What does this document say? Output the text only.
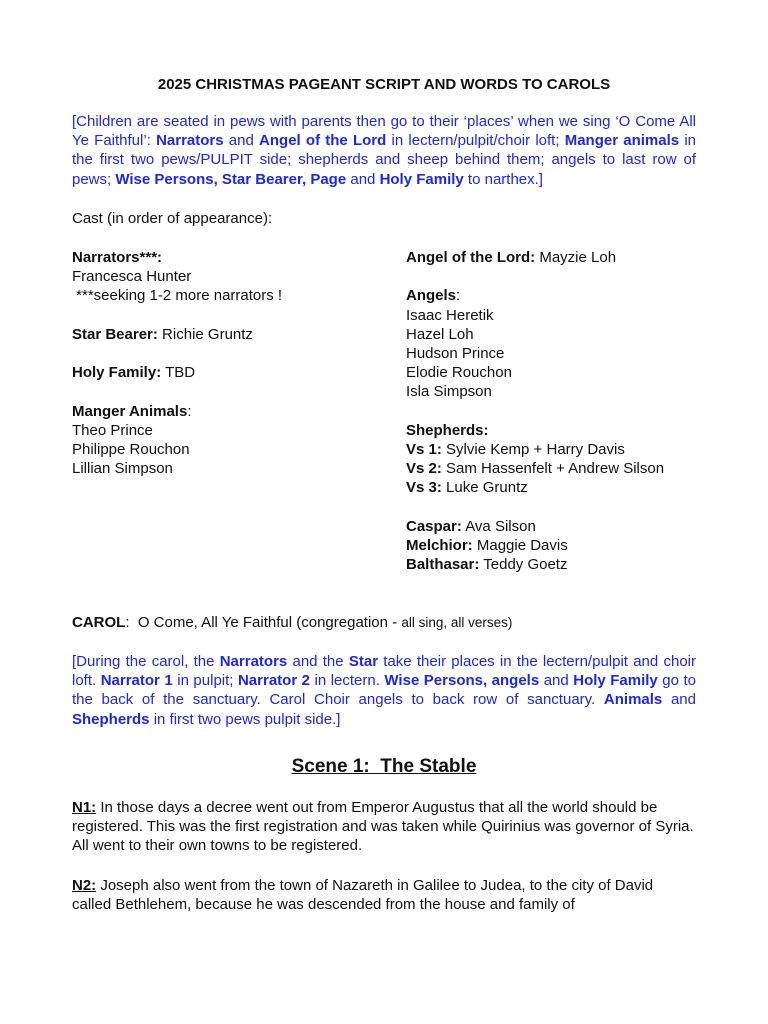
2025 CHRISTMAS PAGEANT SCRIPT AND WORDS TO CAROLS

[Children are seated in pews with parents then go to their ‘places’ when we sing ‘O Come All Ye Faithful’: Narrators and Angel of the Lord in lectern/pulpit/choir loft; Manger animals in the first two pews/PULPIT side; shepherds and sheep behind them; angels to last row of pews; Wise Persons, Star Bearer, Page and Holy Family to narthex.]

Cast (in order of appearance):
Narrators***:
Francesca Hunter
***seeking 1-2 more narrators !
Star Bearer: Richie Gruntz
Holy Family: TBD
Manger Animals:
Theo Prince
Philippe Rouchon
Lillian Simpson
Angel of the Lord: Mayzie Loh
Angels:
Isaac Heretik
Hazel Loh
Hudson Prince
Elodie Rouchon
Isla Simpson
Shepherds:
Vs 1: Sylvie Kemp + Harry Davis
Vs 2: Sam Hassenfelt + Andrew Silson
Vs 3: Luke Gruntz
Caspar: Ava Silson
Melchior: Maggie Davis
Balthasar: Teddy Goetz
CAROL:  O Come, All Ye Faithful (congregation - all sing, all verses)

[During the carol, the Narrators and the Star take their places in the lectern/pulpit and choir loft. Narrator 1 in pulpit; Narrator 2 in lectern. Wise Persons, angels and Holy Family go to the back of the sanctuary. Carol Choir angels to back row of sanctuary. Animals and Shepherds in first two pews pulpit side.]

Scene 1:  The Stable

N1: In those days a decree went out from Emperor Augustus that all the world should be registered. This was the first registration and was taken while Quirinius was governor of Syria. All went to their own towns to be registered.

N2: Joseph also went from the town of Nazareth in Galilee to Judea, to the city of David called Bethlehem, because he was descended from the house and family of
